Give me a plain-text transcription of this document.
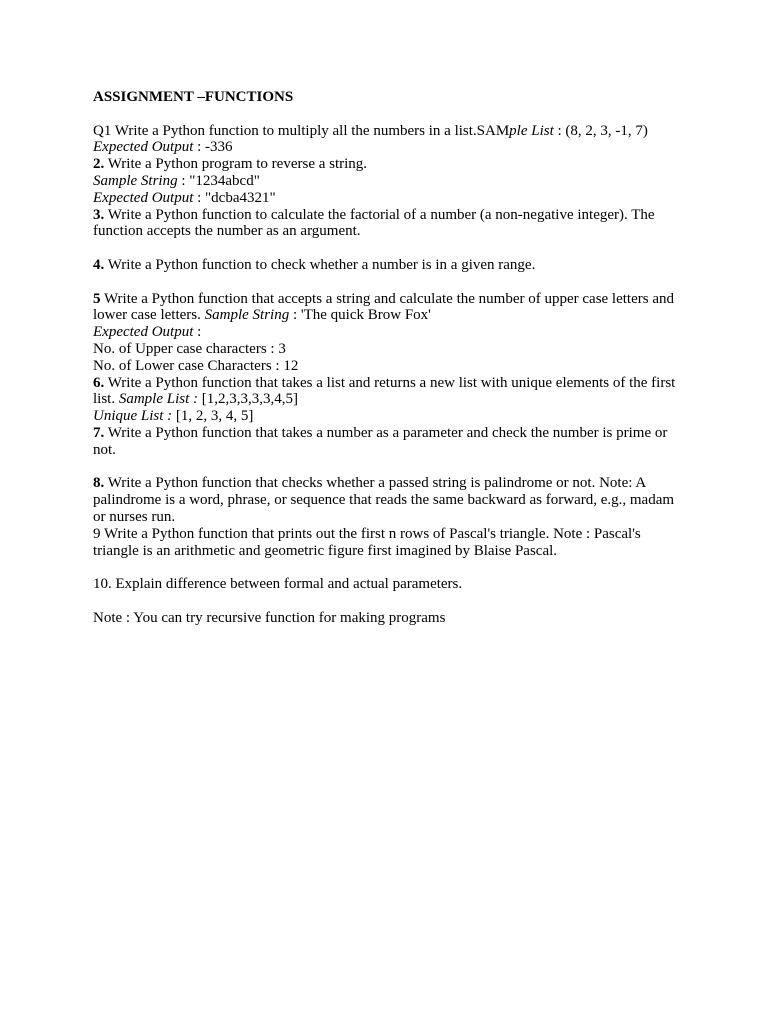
ASSIGNMENT –FUNCTIONS

Q1 Write a Python function to multiply all the numbers in a list.SAMple List : (8, 2, 3, -1, 7)

Expected Output : -336

2. Write a Python program to reverse a string.

Sample String : "1234abcd"

Expected Output : "dcba4321"

3. Write a Python function to calculate the factorial of a number (a non-negative integer). The function accepts the number as an argument.

4. Write a Python function to check whether a number is in a given range.

5 Write a Python function that accepts a string and calculate the number of upper case letters and lower case letters. Sample String : 'The quick Brow Fox'

Expected Output :

No. of Upper case characters : 3

No. of Lower case Characters : 12

6. Write a Python function that takes a list and returns a new list with unique elements of the first list. Sample List : [1,2,3,3,3,3,4,5]

Unique List : [1, 2, 3, 4, 5]

7. Write a Python function that takes a number as a parameter and check the number is prime or not.

8. Write a Python function that checks whether a passed string is palindrome or not. Note: A palindrome is a word, phrase, or sequence that reads the same backward as forward, e.g., madam or nurses run.

9 Write a Python function that prints out the first n rows of Pascal's triangle. Note : Pascal's triangle is an arithmetic and geometric figure first imagined by Blaise Pascal.

10. Explain difference between formal and actual parameters.

Note : You can try recursive function for making programs
